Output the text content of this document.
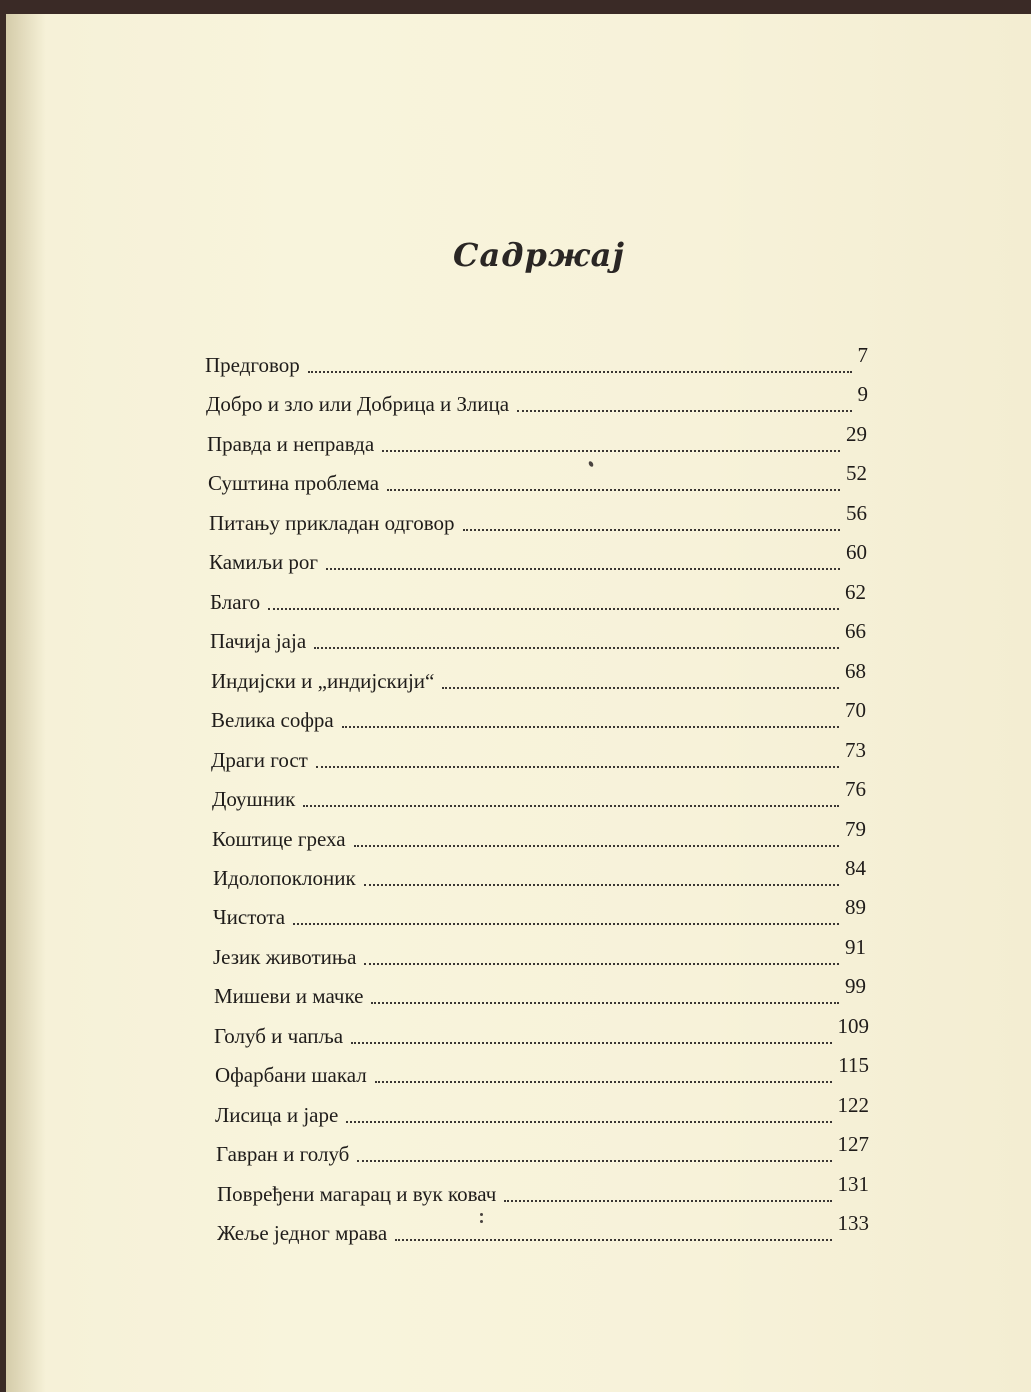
Садржај
Предговор	7
Добро и зло или Добрица и Злица	9
Правда и неправда	29
Суштина проблема	52
Питању прикладан одговор	56
Камиљи рог	60
Благо	62
Пачија јаја	66
Индијски и „индијскији“	68
Велика софра	70
Драги гост	73
Доушник	76
Коштице греха	79
Идолопоклоник	84
Чистота	89
Језик животиња	91
Мишеви и мачке	99
Голуб и чапља	109
Офарбани шакал	115
Лисица и јаре	122
Гавран и голуб	127
Повређени магарац и вук ковач	131
Жеље једног мрава	133
